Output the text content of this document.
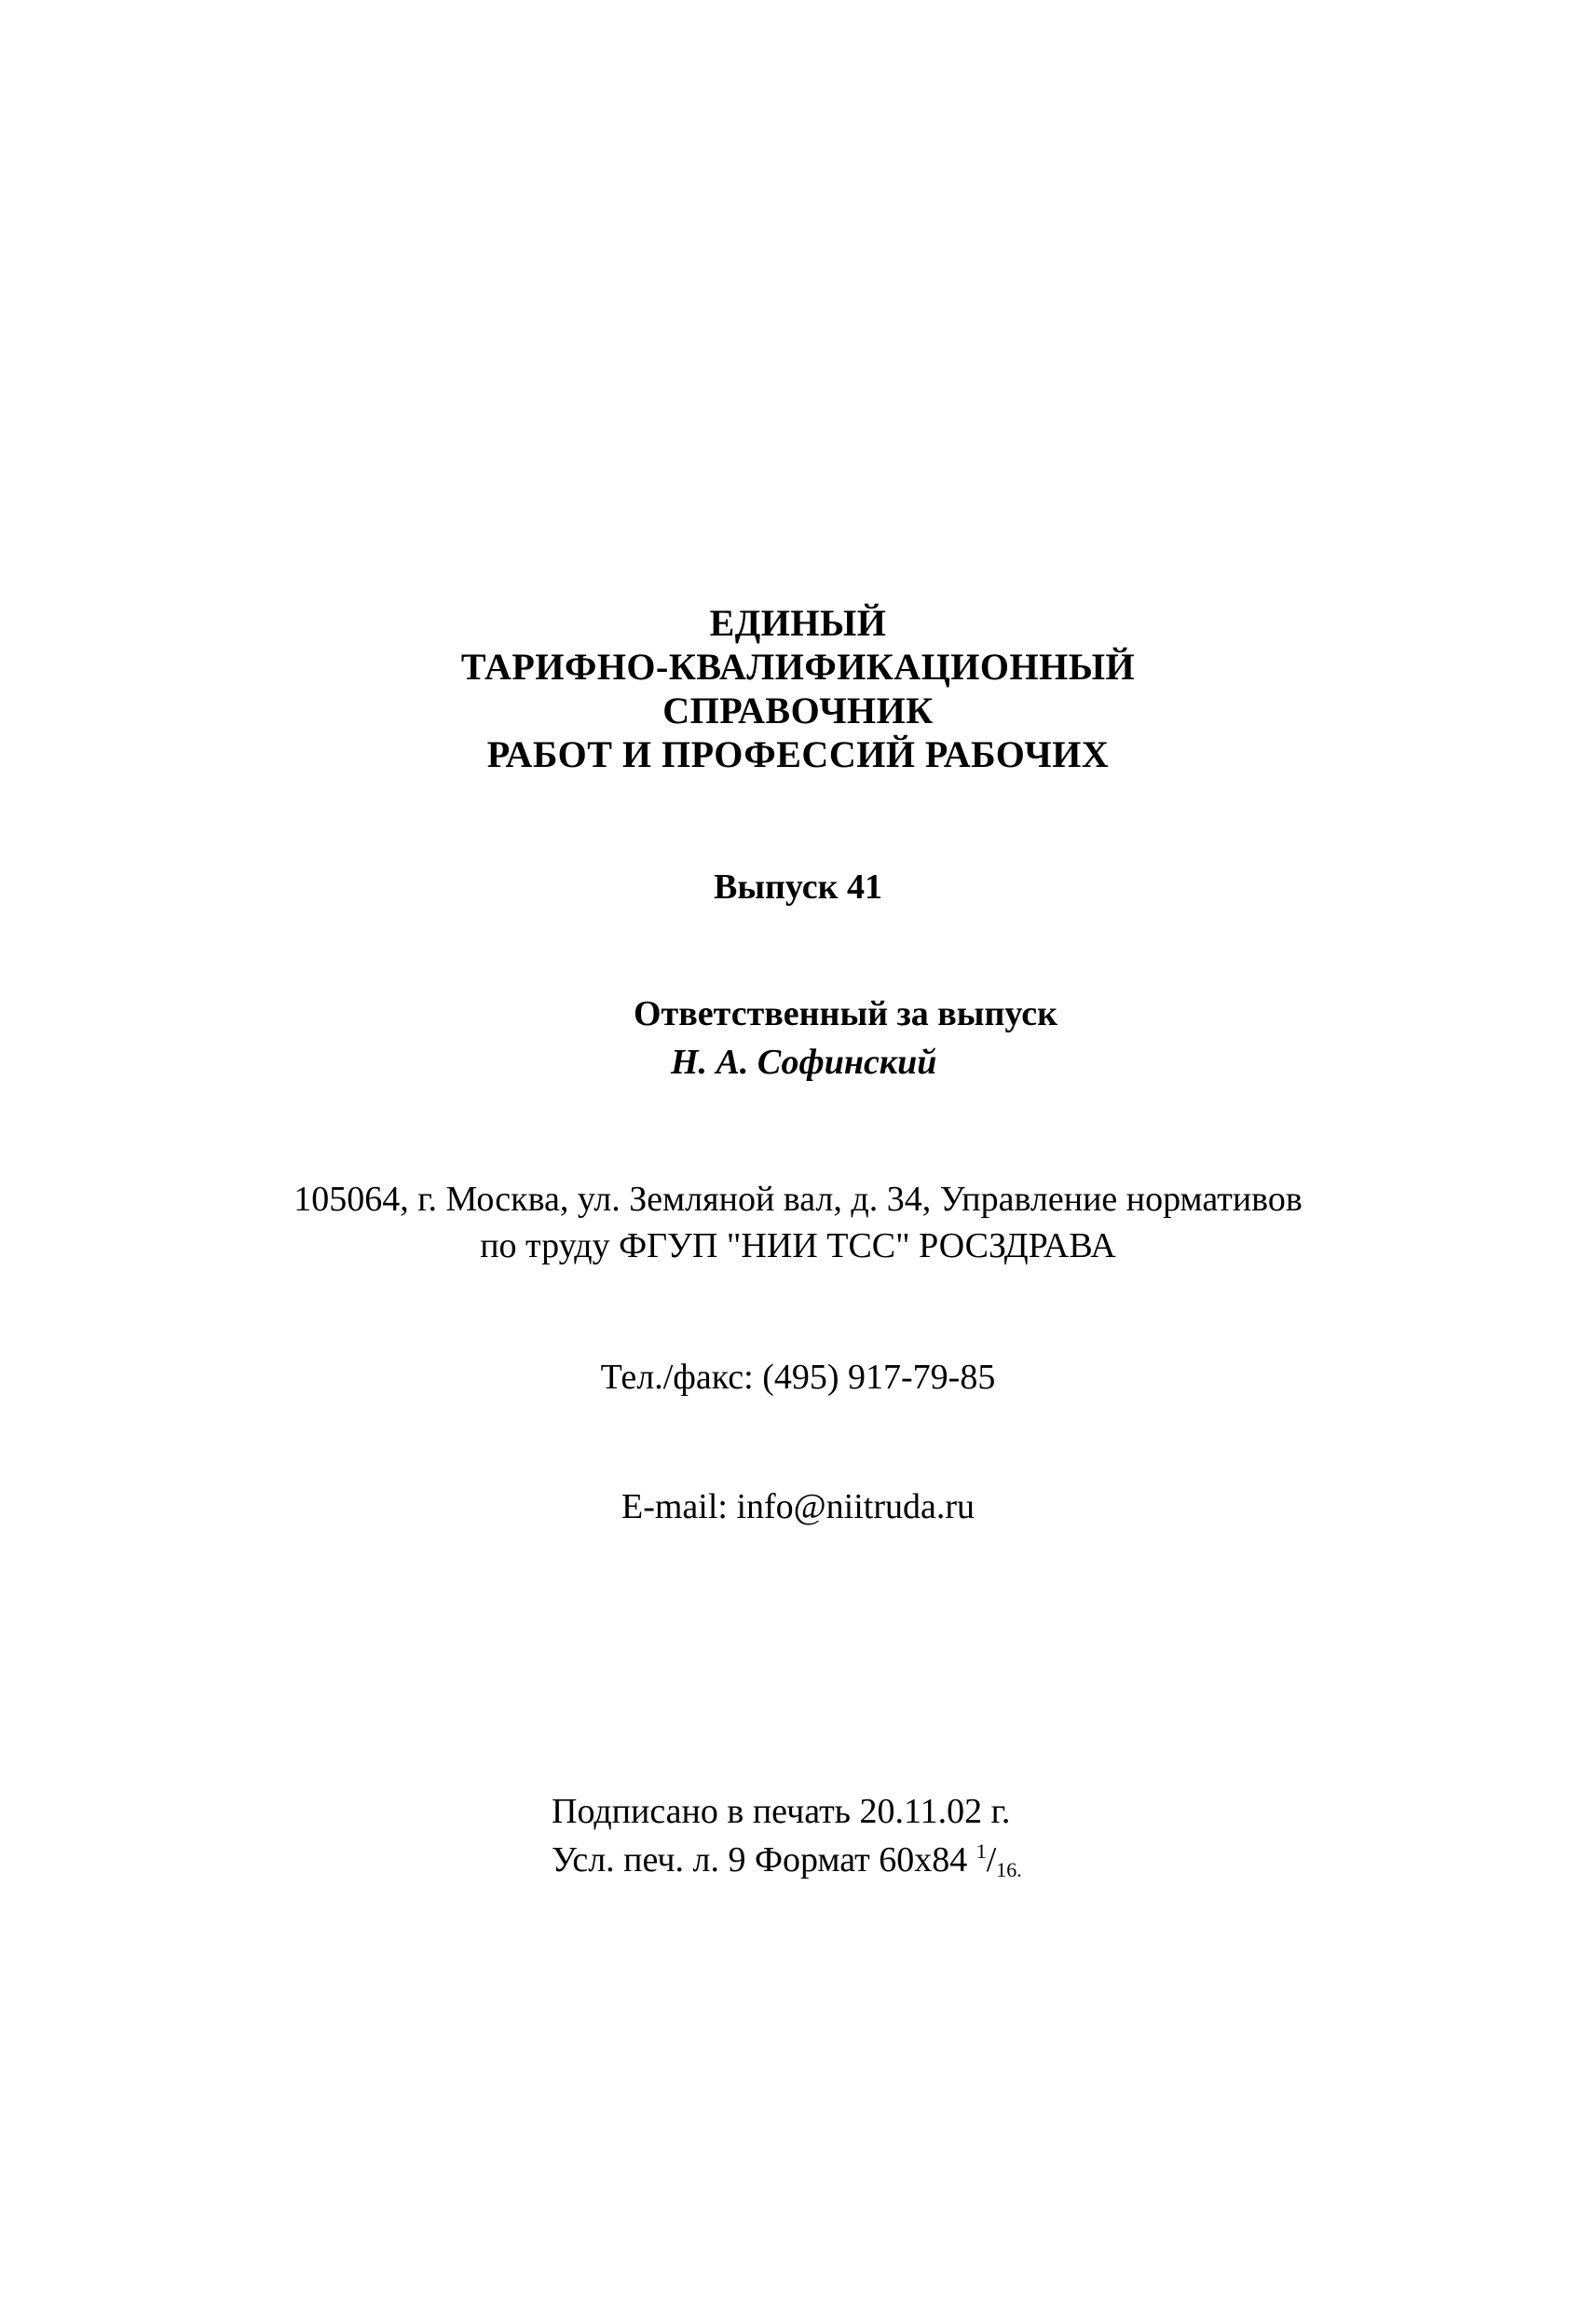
ЕДИНЫЙ
ТАРИФНО-КВАЛИФИКАЦИОННЫЙ
СПРАВОЧНИК
РАБОТ И ПРОФЕССИЙ РАБОЧИХ
Выпуск 41
Ответственный за выпуск
Н. А. Софинский
105064, г. Москва, ул. Земляной вал, д. 34, Управление нормативов
по труду ФГУП "НИИ ТСС" РОСЗДРАВА
Тел./факс: (495) 917-79-85
E-mail: info@niitruda.ru
Подписано в печать 20.11.02 г.
Усл. печ. л. 9 Формат 60х84 $^1/_{16.}$
